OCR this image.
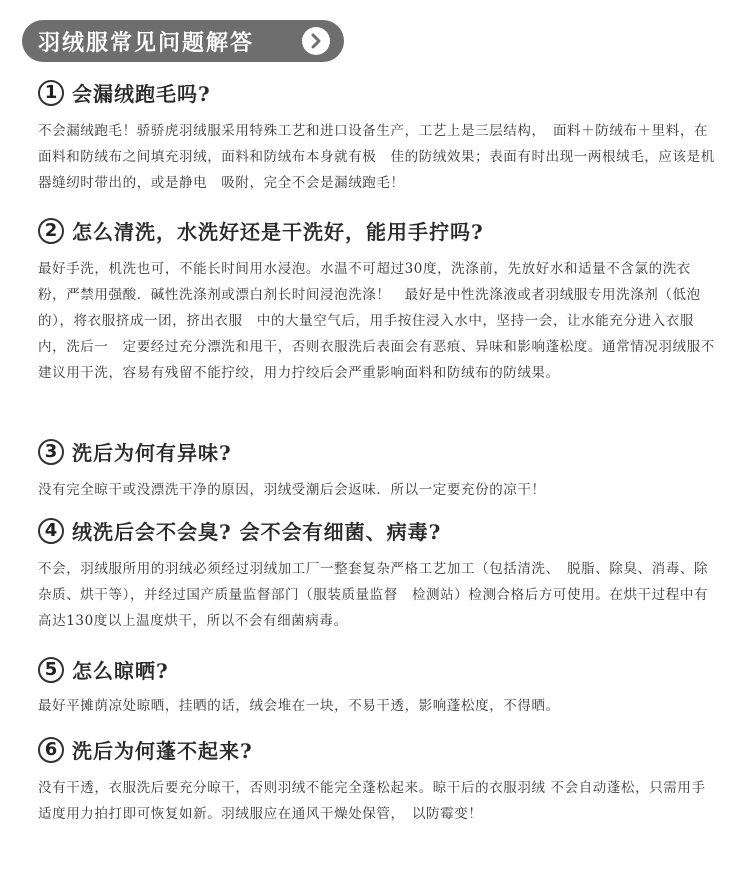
羽绒服常见问题解答
1 会漏绒跑毛吗?
不会漏绒跑毛！骄骄虎羽绒服采用特殊工艺和进口设备生产，工艺上是三层结构，　面料＋防绒布＋里料，在面料和防绒布之间填充羽绒，面料和防绒布本身就有极　佳的防绒效果；表面有时出现一两根绒毛，应该是机器缝纫时带出的，或是静电　吸附，完全不会是漏绒跑毛！
2 怎么清洗，水洗好还是干洗好，能用手拧吗?
最好手洗，机洗也可，不能长时间用水浸泡。水温不可超过30度，洗涤前，先放好水和适量不含氯的洗衣粉，严禁用强酸．碱性洗涤剂或漂白剂长时间浸泡洗涤！　最好是中性洗涤液或者羽绒服专用洗涤剂（低泡的），将衣服挤成一团，挤出衣服　中的大量空气后，用手按住浸入水中，坚持一会，让水能充分进入衣服内，洗后一　定要经过充分漂洗和甩干，否则衣服洗后表面会有恶痕、异味和影响蓬松度。通常情况羽绒服不建议用干洗，容易有残留不能拧绞，用力拧绞后会严重影响面料和防绒布的防绒果。
3 洗后为何有异味?
没有完全晾干或没漂洗干净的原因，羽绒受潮后会返味．所以一定要充份的凉干！
4 绒洗后会不会臭? 会不会有细菌、病毒?
不会，羽绒服所用的羽绒必须经过羽绒加工厂一整套复杂严格工艺加工（包括清洗、　脱脂、除臭、消毒、除杂质、烘干等），并经过国产质量监督部门（服装质量监督　检测站）检测合格后方可使用。在烘干过程中有高达130度以上温度烘干，所以不会有细菌病毒。
5 怎么晾晒?
最好平摊荫凉处晾晒，挂晒的话，绒会堆在一块，不易干透，影响蓬松度，不得晒。
6 洗后为何蓬不起来?
没有干透，衣服洗后要充分晾干，否则羽绒不能完全蓬松起来。晾干后的衣服羽绒 不会自动蓬松，只需用手适度用力拍打即可恢复如新。羽绒服应在通风干燥处保管，　以防霉变！
